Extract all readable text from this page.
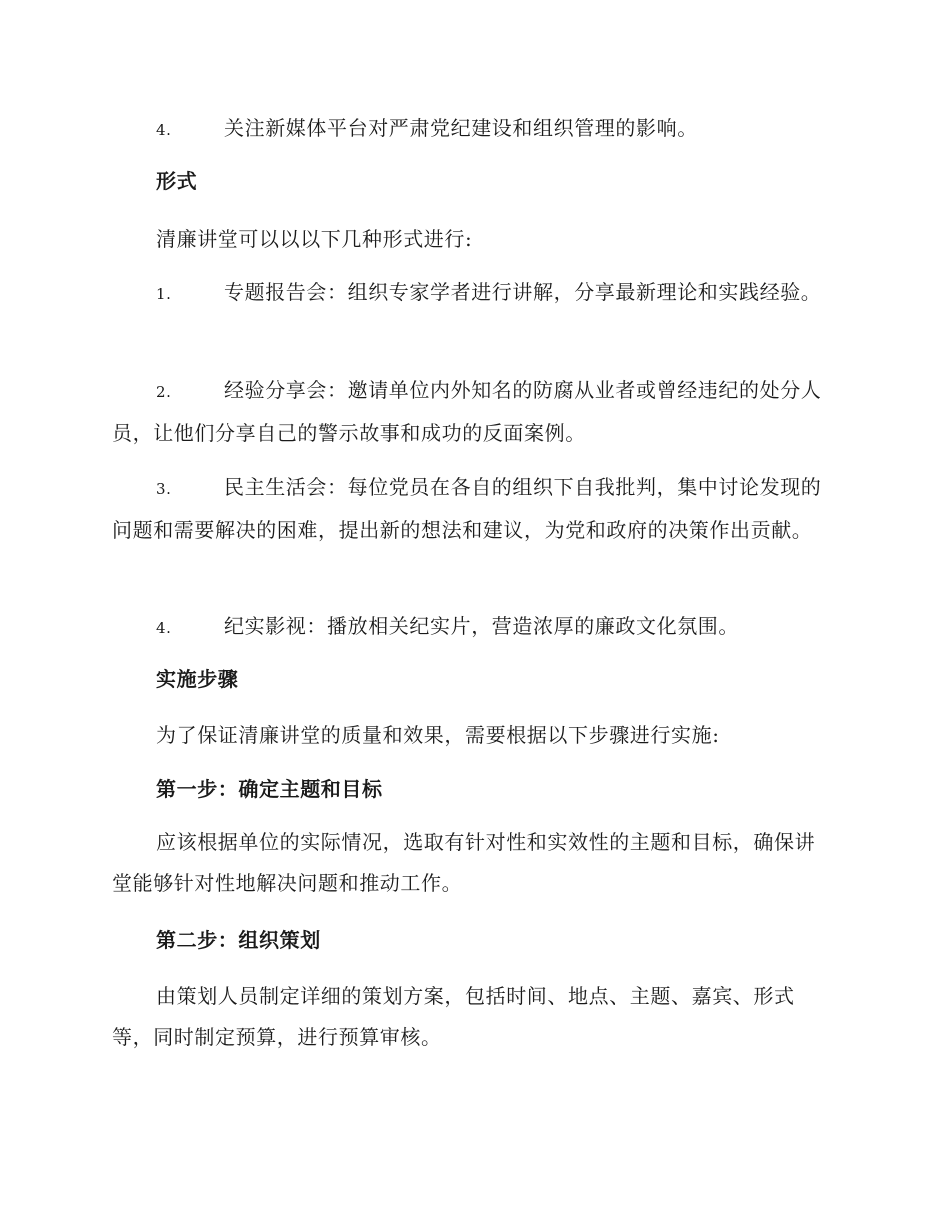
4.	关注新媒体平台对严肃党纪建设和组织管理的影响。

形式

清廉讲堂可以以以下几种形式进行:

1.	专题报告会：组织专家学者进行讲解，分享最新理论和实践经验。

2.	经验分享会：邀请单位内外知名的防腐从业者或曾经违纪的处分人员，让他们分享自己的警示故事和成功的反面案例。

3.	民主生活会：每位党员在各自的组织下自我批判，集中讨论发现的问题和需要解决的困难，提出新的想法和建议，为党和政府的决策作出贡献。

4.	纪实影视：播放相关纪实片，营造浓厚的廉政文化氛围。

实施步骤

为了保证清廉讲堂的质量和效果，需要根据以下步骤进行实施:

第一步：确定主题和目标

应该根据单位的实际情况，选取有针对性和实效性的主题和目标，确保讲堂能够针对性地解决问题和推动工作。

第二步：组织策划

由策划人员制定详细的策划方案，包括时间、地点、主题、嘉宾、形式等，同时制定预算，进行预算审核。
